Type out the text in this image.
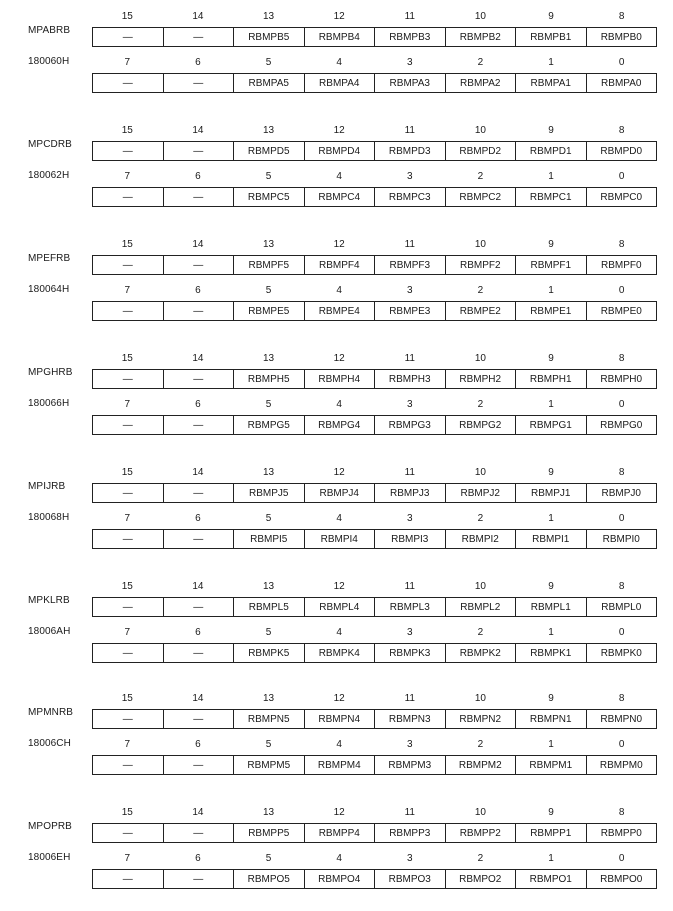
MPABRB
180060H
15	14	13	12	11	10	9	8
—	—	RBMPB5	RBMPB4	RBMPB3	RBMPB2	RBMPB1	RBMPB0
7	6	5	4	3	2	1	0
—	—	RBMPA5	RBMPA4	RBMPA3	RBMPA2	RBMPA1	RBMPA0
MPCDRB
180062H
15	14	13	12	11	10	9	8
—	—	RBMPD5	RBMPD4	RBMPD3	RBMPD2	RBMPD1	RBMPD0
7	6	5	4	3	2	1	0
—	—	RBMPC5	RBMPC4	RBMPC3	RBMPC2	RBMPC1	RBMPC0
MPEFRB
180064H
15	14	13	12	11	10	9	8
—	—	RBMPF5	RBMPF4	RBMPF3	RBMPF2	RBMPF1	RBMPF0
7	6	5	4	3	2	1	0
—	—	RBMPE5	RBMPE4	RBMPE3	RBMPE2	RBMPE1	RBMPE0
MPGHRB
180066H
15	14	13	12	11	10	9	8
—	—	RBMPH5	RBMPH4	RBMPH3	RBMPH2	RBMPH1	RBMPH0
7	6	5	4	3	2	1	0
—	—	RBMPG5	RBMPG4	RBMPG3	RBMPG2	RBMPG1	RBMPG0
MPIJRB
180068H
15	14	13	12	11	10	9	8
—	—	RBMPJ5	RBMPJ4	RBMPJ3	RBMPJ2	RBMPJ1	RBMPJ0
7	6	5	4	3	2	1	0
—	—	RBMPI5	RBMPI4	RBMPI3	RBMPI2	RBMPI1	RBMPI0
MPKLRB
18006AH
15	14	13	12	11	10	9	8
—	—	RBMPL5	RBMPL4	RBMPL3	RBMPL2	RBMPL1	RBMPL0
7	6	5	4	3	2	1	0
—	—	RBMPK5	RBMPK4	RBMPK3	RBMPK2	RBMPK1	RBMPK0
MPMNRB
18006CH
15	14	13	12	11	10	9	8
—	—	RBMPN5	RBMPN4	RBMPN3	RBMPN2	RBMPN1	RBMPN0
7	6	5	4	3	2	1	0
—	—	RBMPM5	RBMPM4	RBMPM3	RBMPM2	RBMPM1	RBMPM0
MPOPRB
18006EH
15	14	13	12	11	10	9	8
—	—	RBMPP5	RBMPP4	RBMPP3	RBMPP2	RBMPP1	RBMPP0
7	6	5	4	3	2	1	0
—	—	RBMPO5	RBMPO4	RBMPO3	RBMPO2	RBMPO1	RBMPO0
